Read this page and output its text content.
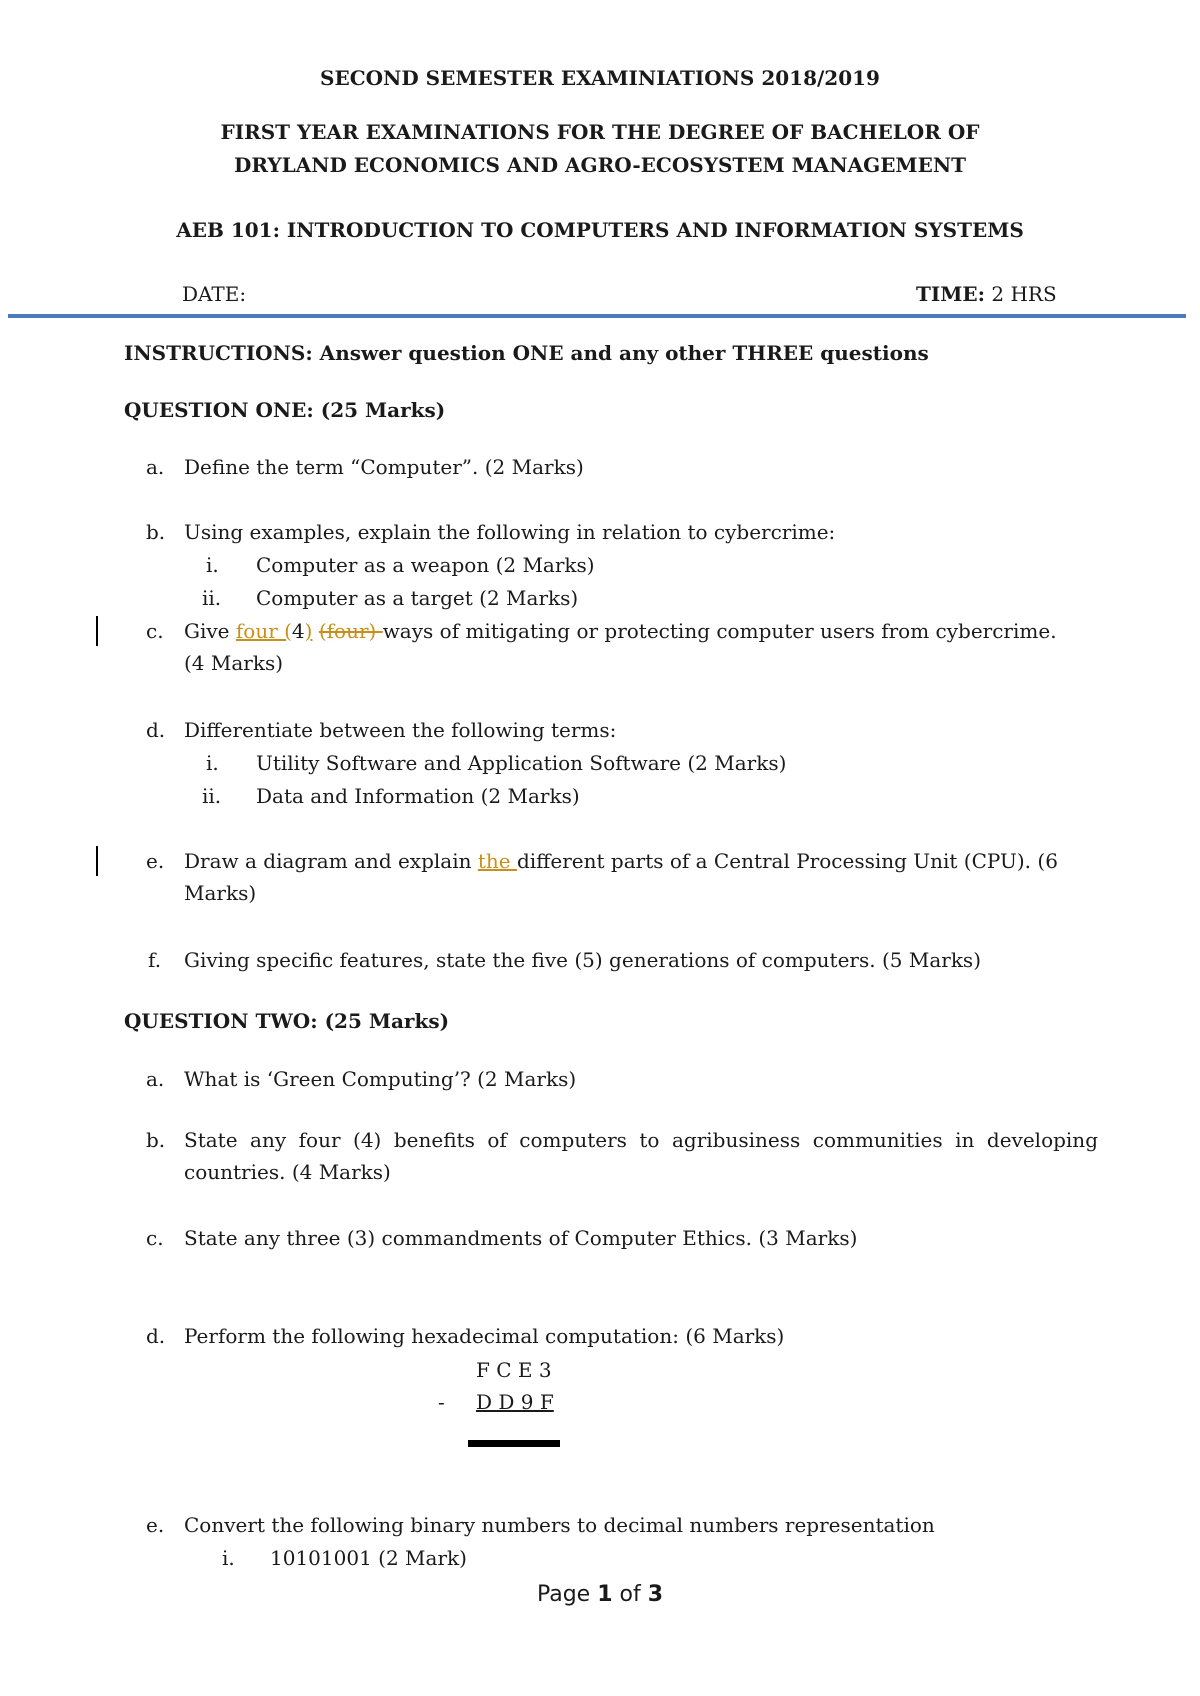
SECOND SEMESTER EXAMINIATIONS 2018/2019
FIRST YEAR EXAMINATIONS FOR THE DEGREE OF BACHELOR OF
DRYLAND ECONOMICS AND AGRO-ECOSYSTEM MANAGEMENT
AEB 101: INTRODUCTION TO COMPUTERS AND INFORMATION SYSTEMS
DATE:	TIME: 2 HRS
INSTRUCTIONS: Answer question ONE and any other THREE questions
QUESTION ONE: (25 Marks)
a. Define the term “Computer”. (2 Marks)
b. Using examples, explain the following in relation to cybercrime:
i. Computer as a weapon (2 Marks)
ii. Computer as a target (2 Marks)
c. Give four (4) (four) ways of mitigating or protecting computer users from cybercrime.
(4 Marks)
d. Differentiate between the following terms:
i. Utility Software and Application Software (2 Marks)
ii. Data and Information (2 Marks)
e. Draw a diagram and explain the different parts of a Central Processing Unit (CPU). (6
Marks)
f. Giving specific features, state the five (5) generations of computers. (5 Marks)
QUESTION TWO: (25 Marks)
a. What is ‘Green Computing’? (2 Marks)
b. State any four (4) benefits of computers to agribusiness communities in developing
countries. (4 Marks)
c. State any three (3) commandments of Computer Ethics. (3 Marks)
d. Perform the following hexadecimal computation: (6 Marks)
F C E 3
- D D 9 F
e. Convert the following binary numbers to decimal numbers representation
i. 10101001 (2 Mark)
Page 1 of 3
